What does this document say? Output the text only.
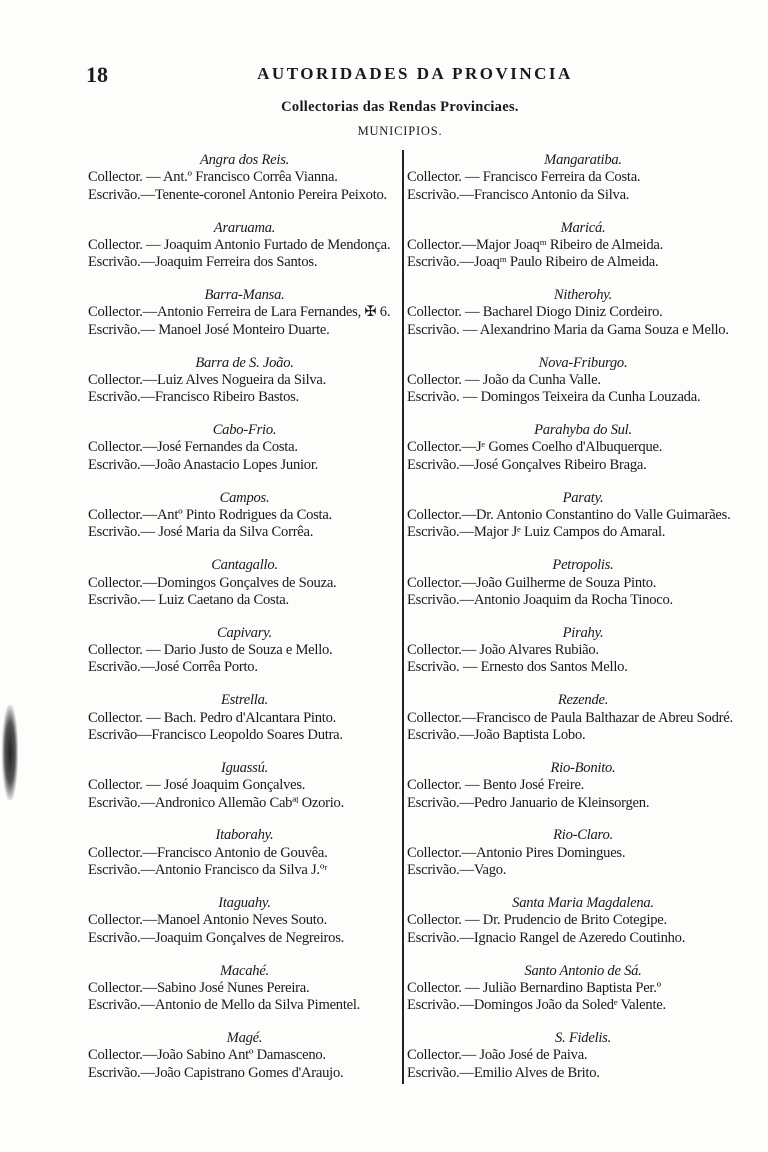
18	AUTORIDADES DA PROVINCIA
Collectorias das Rendas Provinciaes.
MUNICIPIOS.
Angra dos Reis.
Collector. — Ant.º Francisco Corrêa Vianna.
Escrivão.—Tenente-coronel Antonio Pereira Peixoto.
Araruama.
Collector. — Joaquim Antonio Furtado de Mendonça.
Escrivão.—Joaquim Ferreira dos Santos.
Barra-Mansa.
Collector.—Antonio Ferreira de Lara Fernandes, ✠ 6.
Escrivão.— Manoel José Monteiro Duarte.
Barra de S. João.
Collector.—Luiz Alves Nogueira da Silva.
Escrivão.—Francisco Ribeiro Bastos.
Cabo-Frio.
Collector.—José Fernandes da Costa.
Escrivão.—João Anastacio Lopes Junior.
Campos.
Collector.—Antº Pinto Rodrigues da Costa.
Escrivão.— José Maria da Silva Corrêa.
Cantagallo.
Collector.—Domingos Gonçalves de Souza.
Escrivão.— Luiz Caetano da Costa.
Capivary.
Collector. — Dario Justo de Souza e Mello.
Escrivão.—José Corrêa Porto.
Estrella.
Collector. — Bach. Pedro d'Alcantara Pinto.
Escrivão—Francisco Leopoldo Soares Dutra.
Iguassú.
Collector. — José Joaquim Gonçalves.
Escrivão.—Andronico Allemão Cabªˡ Ozorio.
Itaborahy.
Collector.—Francisco Antonio de Gouvêa.
Escrivão.—Antonio Francisco da Silva J.ºʳ
Itaguahy.
Collector.—Manoel Antonio Neves Souto.
Escrivão.—Joaquim Gonçalves de Negreiros.
Macahé.
Collector.—Sabino José Nunes Pereira.
Escrivão.—Antonio de Mello da Silva Pimentel.
Magé.
Collector.—João Sabino Antº Damasceno.
Escrivão.—João Capistrano Gomes d'Araujo.
Mangaratiba.
Collector. — Francisco Ferreira da Costa.
Escrivão.—Francisco Antonio da Silva.
Maricá.
Collector.—Major Joaqᵐ Ribeiro de Almeida.
Escrivão.—Joaqᵐ Paulo Ribeiro de Almeida.
Nitherohy.
Collector. — Bacharel Diogo Diniz Cordeiro.
Escrivão. — Alexandrino Maria da Gama Souza e Mello.
Nova-Friburgo.
Collector. — João da Cunha Valle.
Escrivão. — Domingos Teixeira da Cunha Louzada.
Parahyba do Sul.
Collector.—Jᵉ Gomes Coelho d'Albuquerque.
Escrivão.—José Gonçalves Ribeiro Braga.
Paraty.
Collector.—Dr. Antonio Constantino do Valle Guimarães.
Escrivão.—Major Jᵉ Luiz Campos do Amaral.
Petropolis.
Collector.—João Guilherme de Souza Pinto.
Escrivão.—Antonio Joaquim da Rocha Tinoco.
Pirahy.
Collector.— João Alvares Rubião.
Escrivão. — Ernesto dos Santos Mello.
Rezende.
Collector.—Francisco de Paula Balthazar de Abreu Sodré.
Escrivão.—João Baptista Lobo.
Rio-Bonito.
Collector. — Bento José Freire.
Escrivão.—Pedro Januario de Kleinsorgen.
Rio-Claro.
Collector.—Antonio Pires Domingues.
Escrivão.—Vago.
Santa Maria Magdalena.
Collector. — Dr. Prudencio de Brito Cotegipe.
Escrivão.—Ignacio Rangel de Azeredo Coutinho.
Santo Antonio de Sá.
Collector. — Julião Bernardino Baptista Per.º
Escrivão.—Domingos João da Soledᵉ Valente.
S. Fidelis.
Collector.— João José de Paiva.
Escrivão.—Emilio Alves de Brito.
